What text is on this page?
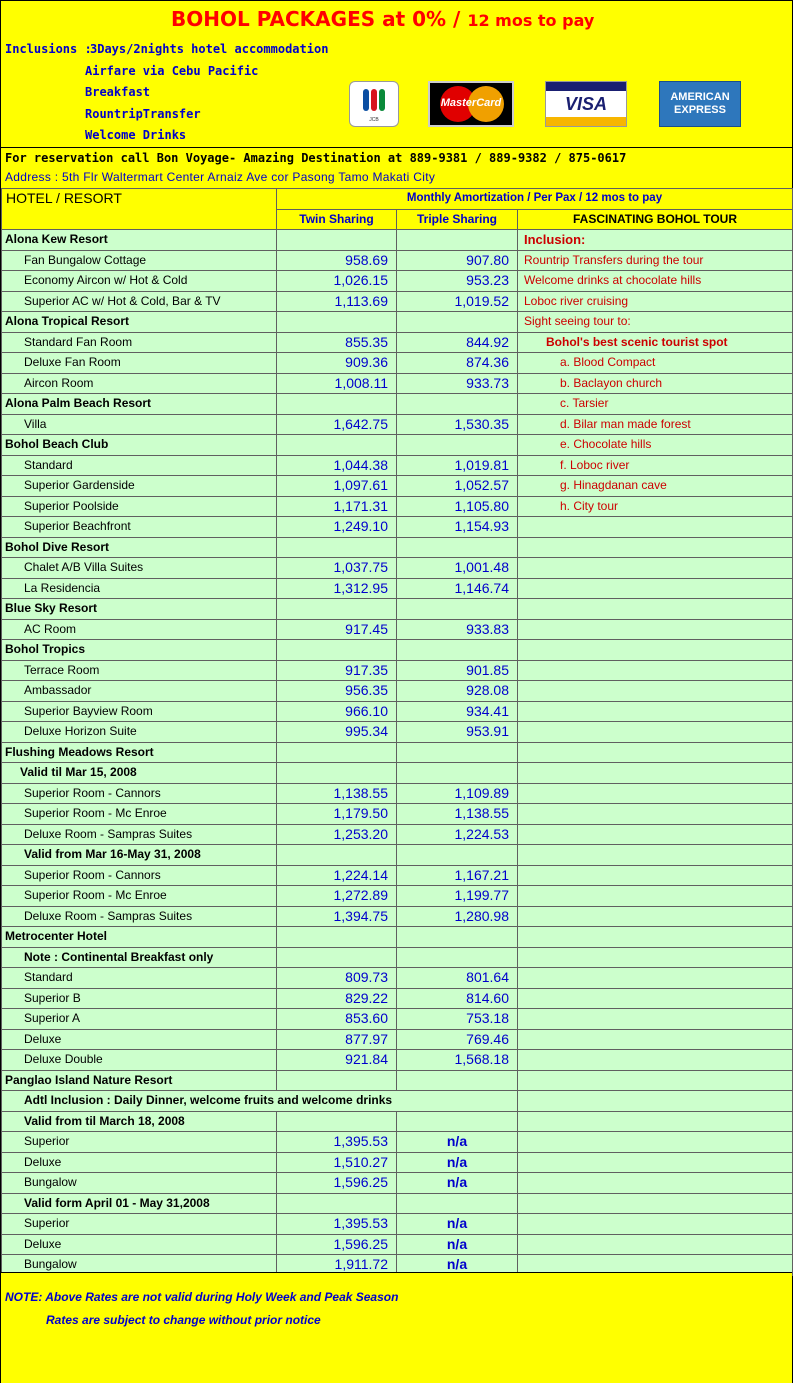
BOHOL PACKAGES at 0% / 12 mos to pay
Inclusions :
3Days/2nights hotel accommodation
Airfare via Cebu Pacific
Breakfast
RountripTransfer
Welcome Drinks
JCB
MasterCard	VISA	AMERICAN
EXPRESS
For reservation call Bon Voyage- Amazing Destination at 889-9381 / 889-9382 / 875-0617
Address : 5th Flr Waltermart Center Arnaiz Ave cor Pasong Tamo Makati City
HOTEL / RESORT	Monthly Amortization / Per Pax / 12 mos to pay		
	Twin Sharing	Triple Sharing	FASCINATING BOHOL TOUR
Alona Kew Resort			Inclusion:
Fan Bungalow Cottage	958.69	907.80	Rountrip Transfers during the tour
Economy Aircon w/ Hot & Cold	1,026.15	953.23	Welcome drinks at chocolate hills
Superior AC w/ Hot & Cold, Bar & TV	1,113.69	1,019.52	Loboc river cruising
Alona Tropical Resort			Sight seeing tour to:
Standard Fan Room	855.35	844.92	Bohol's best scenic tourist spot
Deluxe Fan Room	909.36	874.36	a. Blood Compact
Aircon Room	1,008.11	933.73	b. Baclayon church
Alona Palm Beach Resort			c. Tarsier
Villa	1,642.75	1,530.35	d. Bilar man made forest
Bohol Beach Club			e. Chocolate hills
Standard	1,044.38	1,019.81	f. Loboc river
Superior Gardenside	1,097.61	1,052.57	g. Hinagdanan cave
Superior Poolside	1,171.31	1,105.80	h. City tour
Superior Beachfront	1,249.10	1,154.93	
Bohol Dive Resort			
Chalet A/B Villa Suites	1,037.75	1,001.48	
La Residencia	1,312.95	1,146.74	
Blue Sky Resort			
AC Room	917.45	933.83	
Bohol Tropics			
Terrace Room	917.35	901.85	
Ambassador	956.35	928.08	
Superior Bayview Room	966.10	934.41	
Deluxe Horizon Suite	995.34	953.91	
Flushing Meadows Resort			
Valid til Mar 15, 2008			
Superior Room - Cannors	1,138.55	1,109.89	
Superior Room - Mc Enroe	1,179.50	1,138.55	
Deluxe Room - Sampras Suites	1,253.20	1,224.53	
Valid from Mar 16-May 31, 2008			
Superior Room - Cannors	1,224.14	1,167.21	
Superior Room - Mc Enroe	1,272.89	1,199.77	
Deluxe Room - Sampras Suites	1,394.75	1,280.98	
Metrocenter Hotel			
Note : Continental Breakfast only			
Standard	809.73	801.64	
Superior B	829.22	814.60	
Superior A	853.60	753.18	
Deluxe	877.97	769.46	
Deluxe Double	921.84	1,568.18	
Panglao Island Nature Resort			
Adtl Inclusion : Daily Dinner, welcome fruits and welcome drinks			
Valid from til March 18, 2008			
Superior	1,395.53	n/a	
Deluxe	1,510.27	n/a	
Bungalow	1,596.25	n/a	
Valid form April 01 - May 31,2008			
Superior	1,395.53	n/a	
Deluxe	1,596.25	n/a	
Bungalow	1,911.72	n/a	
NOTE: Above Rates are not valid during Holy Week and Peak Season
Rates are subject to change without prior notice
